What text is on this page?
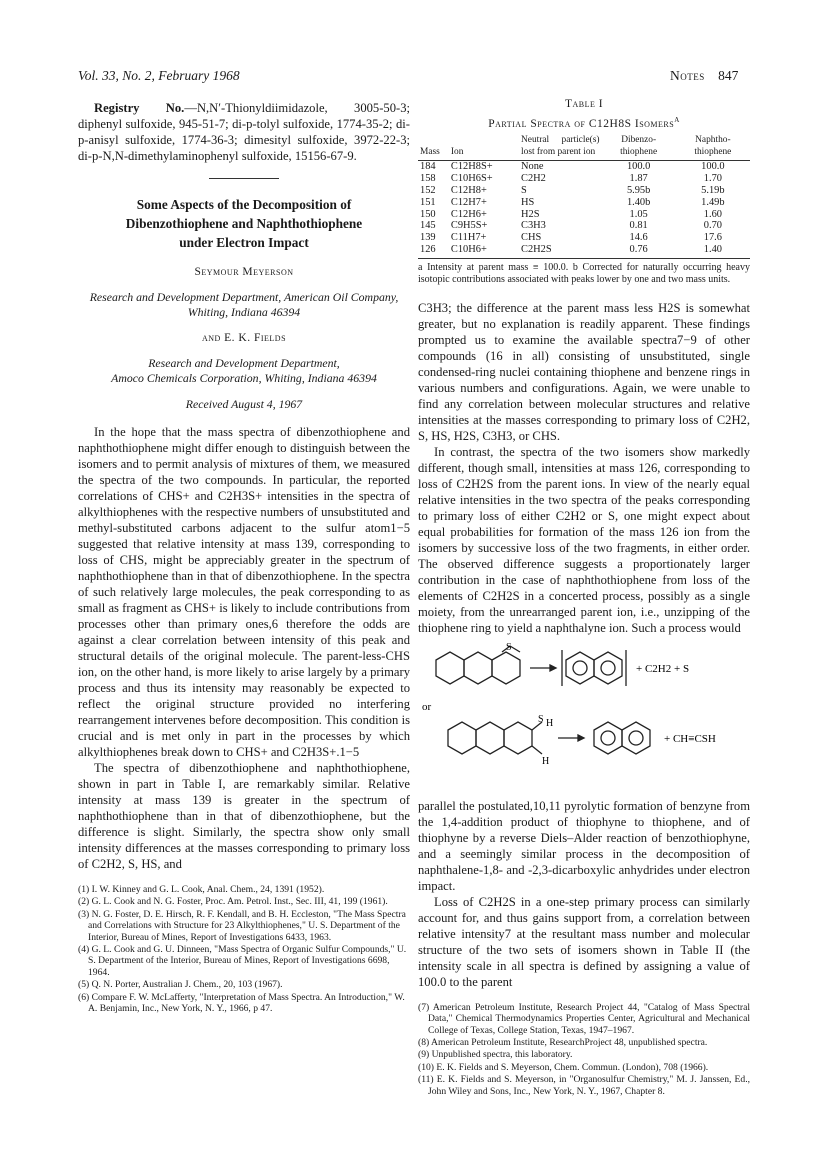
Vol. 33, No. 2, February 1968	Notes 847

Registry No.—N,N′-Thionyldiimidazole, 3005-50-3; diphenyl sulfoxide, 945-51-7; di-p-tolyl sulfoxide, 1774-35-2; di-p-anisyl sulfoxide, 1774-36-3; dimesityl sulfoxide, 3972-22-3; di-p-N,N-dimethylaminophenyl sulfoxide, 15156-67-9.

Some Aspects of the Decomposition of
Dibenzothiophene and Naphthothiophene
under Electron Impact
Seymour Meyerson
Research and Development Department, American Oil Company,
Whiting, Indiana 46394
and E. K. Fields
Research and Development Department,
Amoco Chemicals Corporation, Whiting, Indiana 46394
Received August 4, 1967

In the hope that the mass spectra of dibenzothiophene and naphthothiophene might differ enough to distinguish between the isomers and to permit analysis of mixtures of them, we measured the spectra of the two compounds. In particular, the reported correlations of CHS+ and C2H3S+ intensities in the spectra of alkylthiophenes with the respective numbers of unsubstituted and methyl-substituted carbons adjacent to the sulfur atom1−5 suggested that relative intensity at mass 139, corresponding to loss of CHS, might be appreciably greater in the spectrum of naphthothiophene than in that of dibenzothiophene. In the spectra of such relatively large molecules, the peak corresponding to as small as fragment as CHS+ is likely to include contributions from processes other than primary ones,6 therefore the odds are against a clear correlation between intensity of this peak and structural details of the original molecule. The parent-less-CHS ion, on the other hand, is more likely to arise largely by a primary process and thus its intensity may reasonably be expected to reflect the original structure provided no interfering rearrangement intervenes before decomposition. This condition is crucial and is met only in part in the processes by which alkylthiophenes break down to CHS+ and C2H3S+.1−5

The spectra of dibenzothiophene and naphthothiophene, shown in part in Table I, are remarkably similar. Relative intensity at mass 139 is greater in the spectrum of naphthothiophene than in that of dibenzothiophene, but the difference is slight. Similarly, the spectra show only small intensity differences at the masses corresponding to primary loss of C2H2, S, HS, and

(1) I. W. Kinney and G. L. Cook, Anal. Chem., 24, 1391 (1952).

(2) G. L. Cook and N. G. Foster, Proc. Am. Petrol. Inst., Sec. III, 41, 199 (1961).

(3) N. G. Foster, D. E. Hirsch, R. F. Kendall, and B. H. Eccleston, "The Mass Spectra and Correlations with Structure for 23 Alkylthiophenes," U. S. Department of the Interior, Bureau of Mines, Report of Investigations 6433, 1963.

(4) G. L. Cook and G. U. Dinneen, "Mass Spectra of Organic Sulfur Compounds," U. S. Department of the Interior, Bureau of Mines, Report of Investigations 6698, 1964.

(5) Q. N. Porter, Australian J. Chem., 20, 103 (1967).

(6) Compare F. W. McLafferty, "Interpretation of Mass Spectra. An Introduction," W. A. Benjamin, Inc., New York, N. Y., 1966, p 47.

Table I
Partial Spectra of C12H8S Isomers$^a$
Mass	Ion	Neutral particle(s) lost from parent ion	Dibenzo-thiophene	Naphtho-thiophene
184	C12H8S+	None	100.0	100.0
158	C10H6S+	C2H2	1.87	1.70
152	C12H8+	S	5.95b	5.19b
151	C12H7+	HS	1.40b	1.49b
150	C12H6+	H2S	1.05	1.60
145	C9H5S+	C3H3	0.81	0.70
139	C11H7+	CHS	14.6	17.6
126	C10H6+	C2H2S	0.76	1.40

a Intensity at parent mass ≡ 100.0. b Corrected for naturally occurring heavy isotopic contributions associated with peaks lower by one and two mass units.

C3H3; the difference at the parent mass less H2S is somewhat greater, but no explanation is readily apparent. These findings prompted us to examine the available spectra7−9 of other compounds (16 in all) consisting of unsubstituted, single condensed-ring nuclei containing thiophene and benzene rings in various numbers and configurations. Again, we were unable to find any correlation between molecular structures and relative intensities at the masses corresponding to primary loss of C2H2, S, HS, H2S, C3H3, or CHS.

In contrast, the spectra of the two isomers show markedly different, though small, intensities at mass 126, corresponding to loss of C2H2S from the parent ions. In view of the nearly equal relative intensities in the two spectra of the peaks corresponding to primary loss of either C2H2 or S, one might expect about equal probabilities for formation of the mass 126 ion from the isomers by successive loss of the two fragments, in either order. The observed difference suggests a proportionately larger contribution in the case of naphthothiophene from loss of the elements of C2H2S in a concerted process, possibly as a single moiety, from the unrearranged parent ion, i.e., unzipping of the thiophene ring to yield a naphthalyne ion. Such a process would

S
S H
H
+ C2H2 + S
+ CH≡CSH
or

parallel the postulated,10,11 pyrolytic formation of benzyne from the 1,4-addition product of thiophyne to thiophene, and of thiophyne by a reverse Diels–Alder reaction of benzothiophyne, and a seemingly similar process in the decomposition of naphthalene-1,8- and -2,3-dicarboxylic anhydrides under electron impact.

Loss of C2H2S in a one-step primary process can similarly account for, and thus gains support from, a correlation between relative intensity7 at the resultant mass number and molecular structure of the two sets of isomers shown in Table II (the intensity scale in all spectra is defined by assigning a value of 100.0 to the parent

(7) American Petroleum Institute, Research Project 44, "Catalog of Mass Spectral Data," Chemical Thermodynamics Properties Center, Agricultural and Mechanical College of Texas, College Station, Texas, 1947–1967.

(8) American Petroleum Institute, ResearchProject 48, unpublished spectra.

(9) Unpublished spectra, this laboratory.

(10) E. K. Fields and S. Meyerson, Chem. Commun. (London), 708 (1966).

(11) E. K. Fields and S. Meyerson, in "Organosulfur Chemistry," M. J. Janssen, Ed., John Wiley and Sons, Inc., New York, N. Y., 1967, Chapter 8.
